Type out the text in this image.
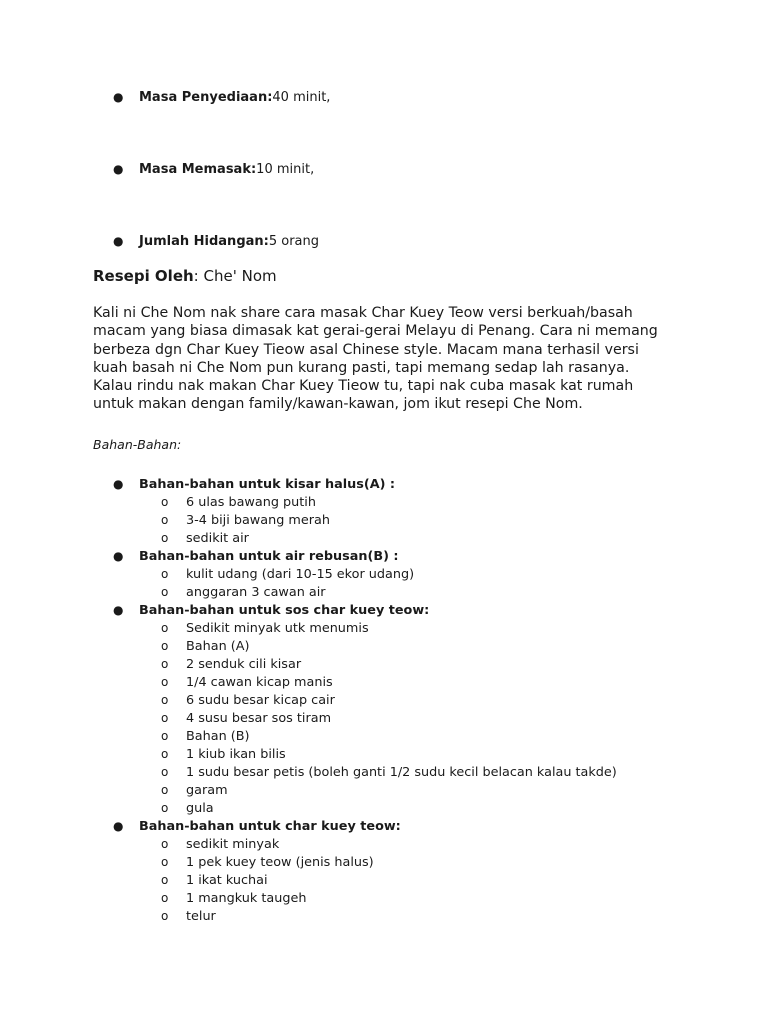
●	Masa Penyediaan: 40 minit,
●	Masa Memasak: 10 minit,
●	Jumlah Hidangan: 5 orang
Resepi Oleh: Che' Nom

Kali ni Che Nom nak share cara masak Char Kuey Teow versi berkuah/basah macam yang biasa dimasak kat gerai-gerai Melayu di Penang. Cara ni memang berbeza dgn Char Kuey Tieow asal Chinese style. Macam mana terhasil versi kuah basah ni Che Nom pun kurang pasti, tapi memang sedap lah rasanya. Kalau rindu nak makan Char Kuey Tieow tu, tapi nak cuba masak kat rumah untuk makan dengan family/kawan-kawan, jom ikut resepi Che Nom.

Bahan-Bahan:

●	Bahan-bahan untuk kisar halus(A) :
o	6 ulas bawang putih
o	3-4 biji bawang merah
o	sedikit air
●	Bahan-bahan untuk air rebusan(B) :
o	kulit udang (dari 10-15 ekor udang)
o	anggaran 3 cawan air
●	Bahan-bahan untuk sos char kuey teow:
o	Sedikit minyak utk menumis
o	Bahan (A)
o	2 senduk cili kisar
o	1/4 cawan kicap manis
o	6 sudu besar kicap cair
o	4 susu besar sos tiram
o	Bahan (B)
o	1 kiub ikan bilis
o	1 sudu besar petis (boleh ganti 1/2 sudu kecil belacan kalau takde)
o	garam
o	gula
●	Bahan-bahan untuk char kuey teow:
o	sedikit minyak
o	1 pek kuey teow (jenis halus)
o	1 ikat kuchai
o	1 mangkuk taugeh
o	telur
